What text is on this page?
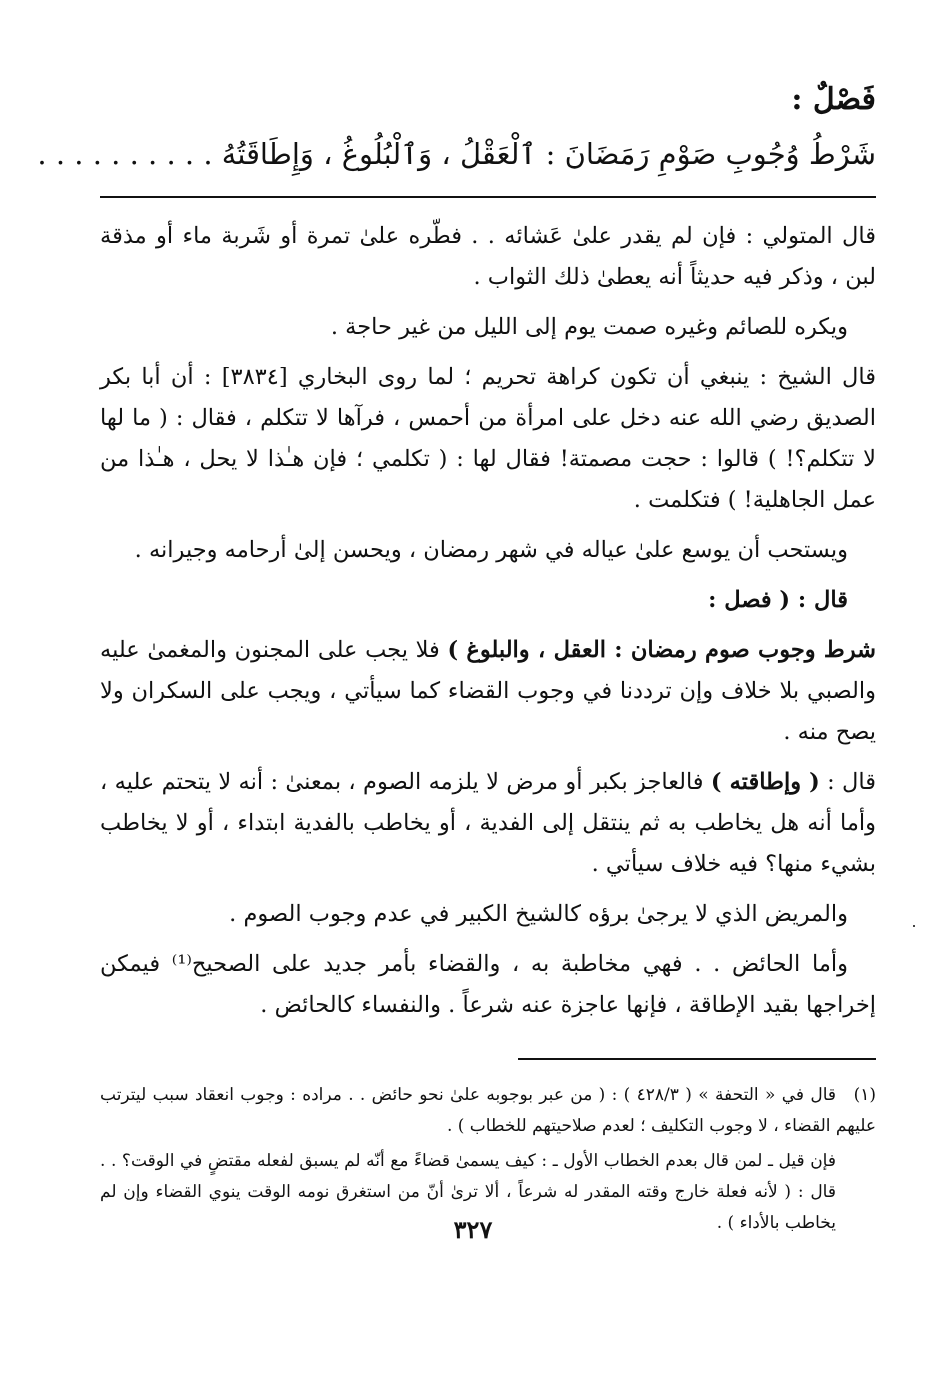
فَصْلٌ :
شَرْطُ وُجُوبِ صَوْمِ رَمَضَانَ : ٱلْعَقْلُ ، وَٱلْبُلُوغُ ، وَإِطَاقَتُهُ . . . . . . . . . .

قال المتولي : فإن لم يقدر علىٰ عَشائه . . فطّره علىٰ تمرة أو شَربة ماء أو مذقة لبن ، وذكر فيه حديثاً أنه يعطىٰ ذلك الثواب .

ويكره للصائم وغيره صمت يوم إلى الليل من غير حاجة .

قال الشيخ : ينبغي أن تكون كراهة تحريم ؛ لما روى البخاري [٣٨٣٤] : أن أبا بكر الصديق رضي الله عنه دخل على امرأة من أحمس ، فرآها لا تتكلم ، فقال : ( ما لها لا تتكلم؟! ) قالوا : حجت مصمتة! فقال لها : ( تكلمي ؛ فإن هـٰذا لا يحل ، هـٰذا من عمل الجاهلية! ) فتكلمت .

ويستحب أن يوسع علىٰ عياله في شهر رمضان ، ويحسن إلىٰ أرحامه وجيرانه .

قال : ( فصل :

شرط وجوب صوم رمضان : العقل ، والبلوغ ) فلا يجب على المجنون والمغمىٰ عليه والصبي بلا خلاف وإن ترددنا في وجوب القضاء كما سيأتي ، ويجب على السكران ولا يصح منه .

قال : ( وإطاقته ) فالعاجز بكبر أو مرض لا يلزمه الصوم ، بمعنىٰ : أنه لا يتحتم عليه ، وأما أنه هل يخاطب به ثم ينتقل إلى الفدية ، أو يخاطب بالفدية ابتداء ، أو لا يخاطب بشيء منها؟ فيه خلاف سيأتي .

والمريض الذي لا يرجىٰ برؤه كالشيخ الكبير في عدم وجوب الصوم .

وأما الحائض . . فهي مخاطبة به ، والقضاء بأمر جديد على الصحيح⁽¹⁾ فيمكن إخراجها بقيد الإطاقة ، فإنها عاجزة عنه شرعاً . والنفساء كالحائض .

(١)قال في « التحفة » ( ٤٢٨/٣ ) : ( من عبر بوجوبه علىٰ نحو حائض . . مراده : وجوب انعقاد سبب ليترتب عليهم القضاء ، لا وجوب التكليف ؛ لعدم صلاحيتهم للخطاب ) .

فإن قيل ـ لمن قال بعدم الخطاب الأول ـ : كيف يسمىٰ قضاءً مع أنّه لم يسبق لفعله مقتضٍ في الوقت؟ . . قال : ( لأنه فعلة خارج وقته المقدر له شرعاً ، ألا ترىٰ أنّ من استغرق نومه الوقت ينوي القضاء وإن لم يخاطب بالأداء ) .

٣٢٧
